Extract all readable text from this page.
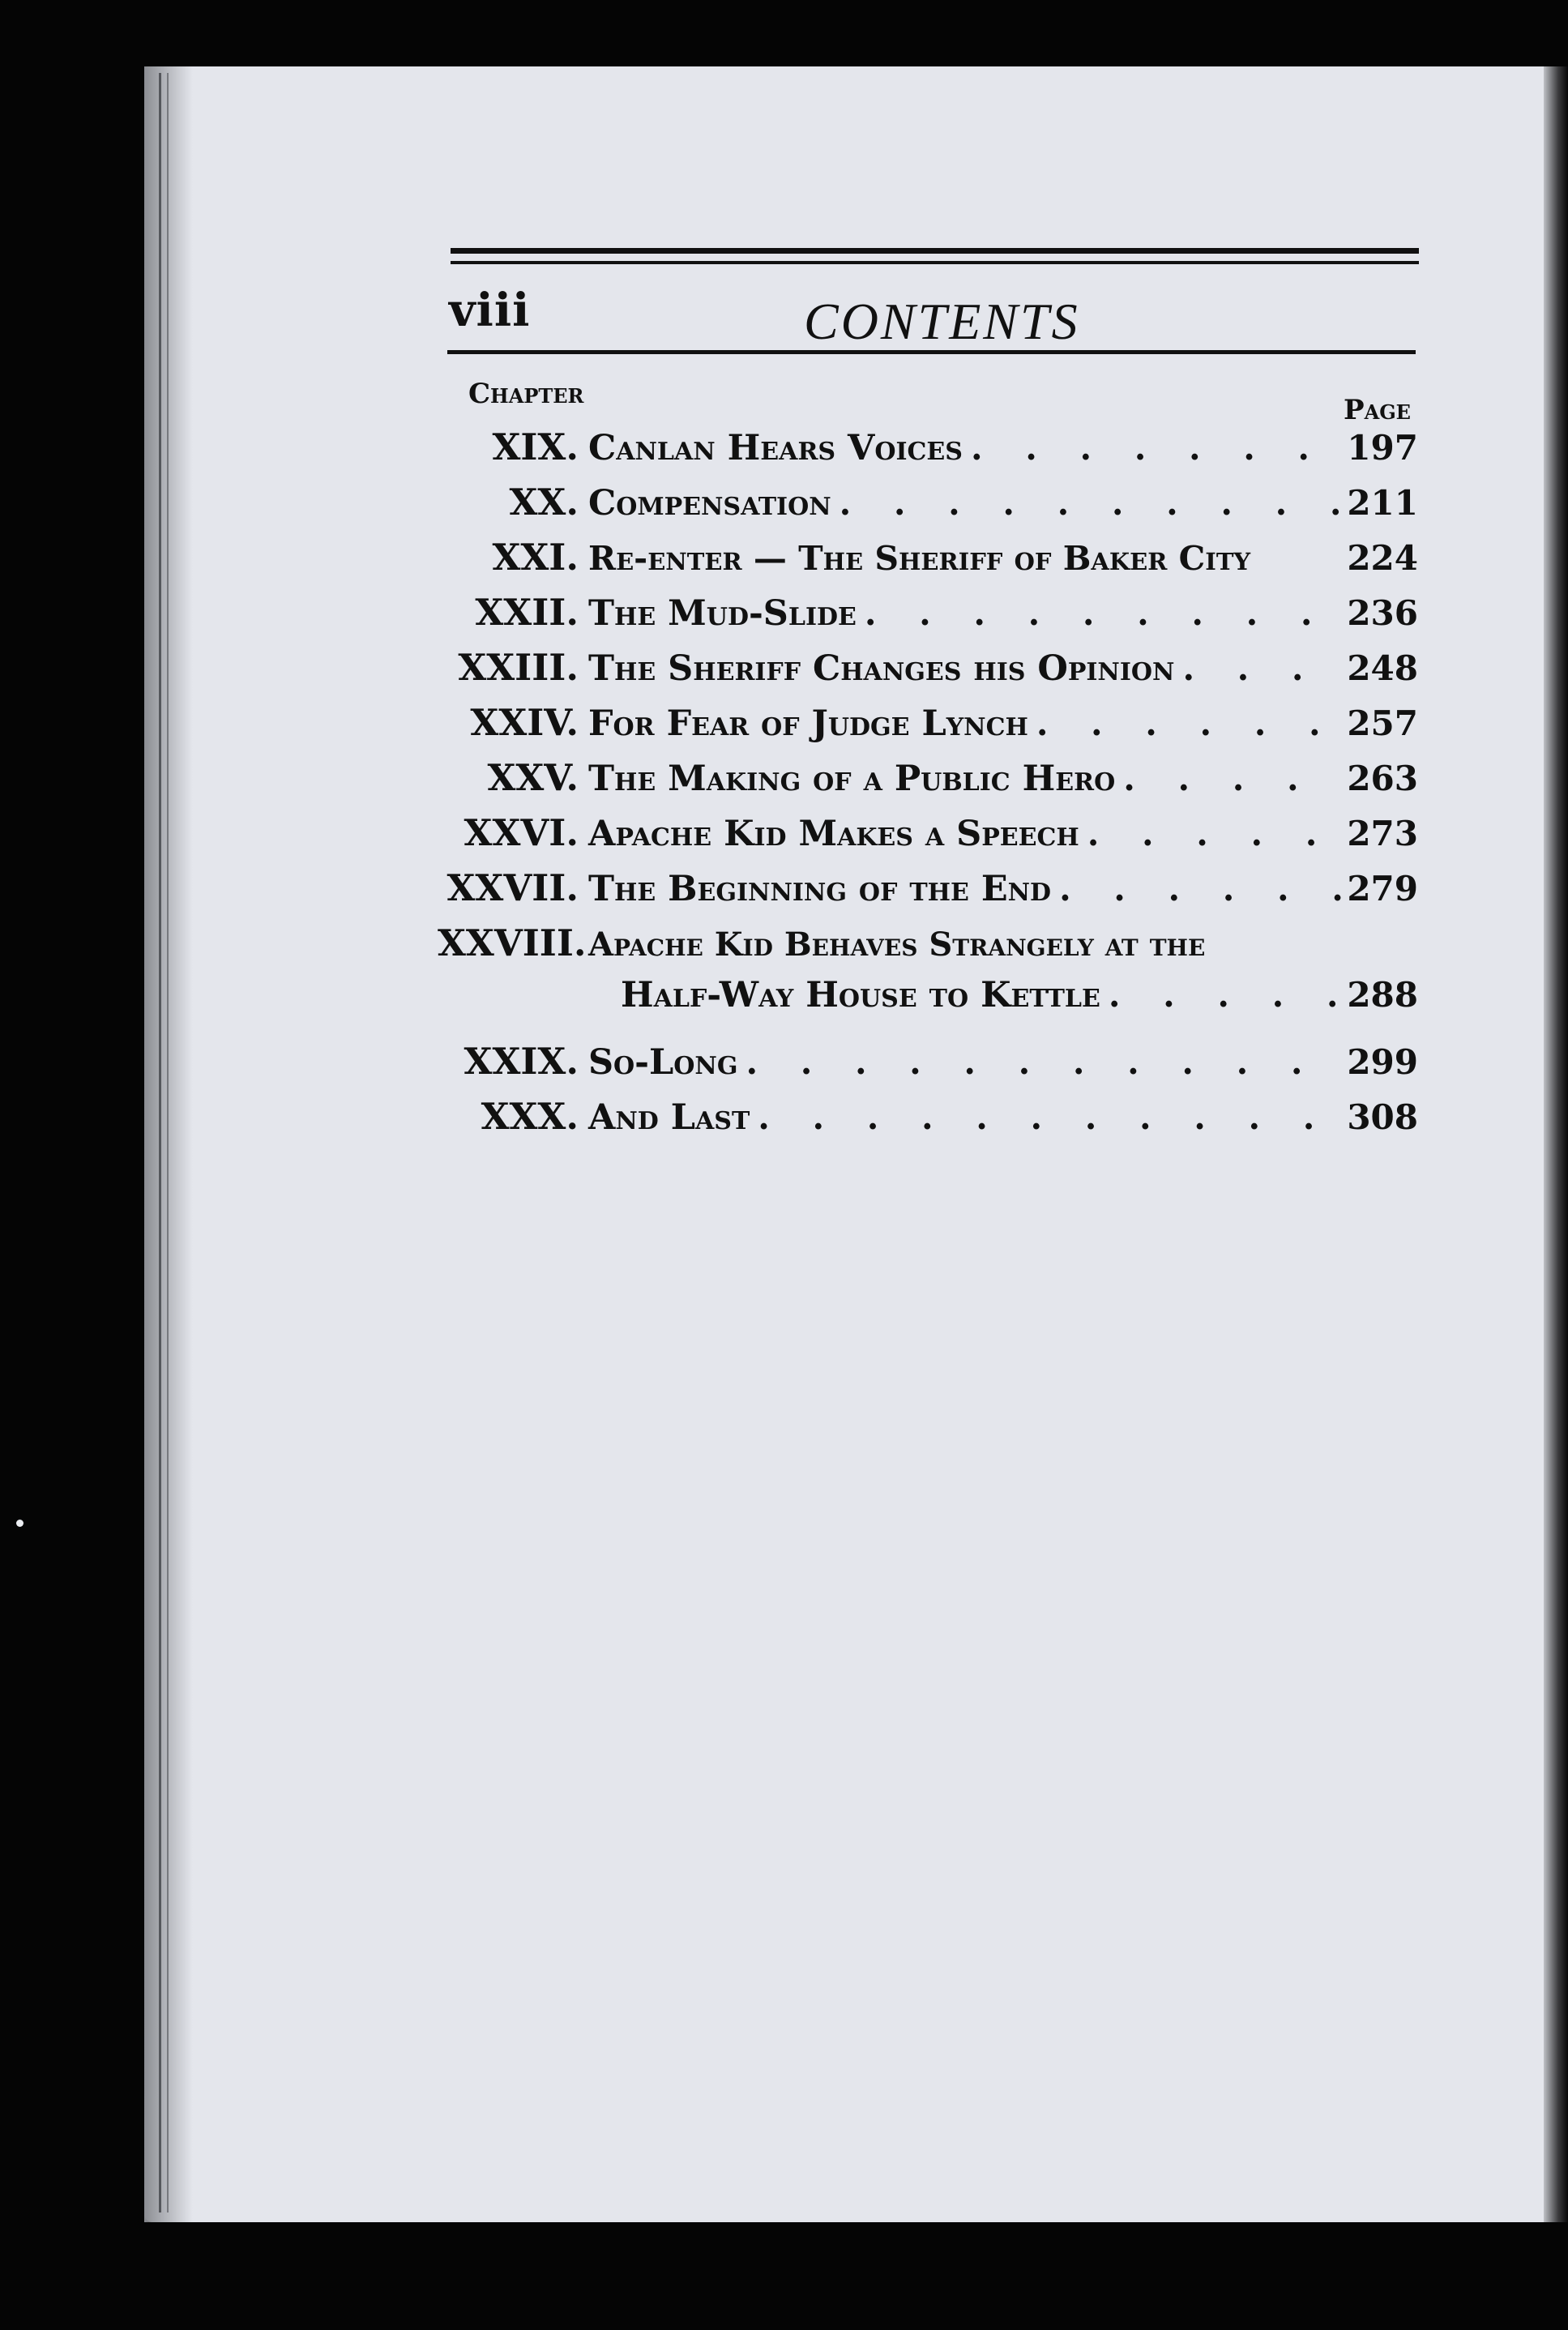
viii	CONTENTS
Chapter	Page
XIX. Canlan Hears Voices . . .	197
XX. Compensation . . .	211
XXI. Re-enter — The Sheriff of Baker City	224
XXII. The Mud-Slide . . .	236
XXIII. The Sheriff Changes his Opinion . . .	248
XXIV. For Fear of Judge Lynch . . .	257
XXV. The Making of a Public Hero . . .	263
XXVI. Apache Kid Makes a Speech . . .	273
XXVII. The Beginning of the End . . .	279
XXVIII. Apache Kid Behaves Strangely at the
Half-Way House to Kettle . . .	288
XXIX. So-Long . . .	299
XXX. And Last . . .	308
